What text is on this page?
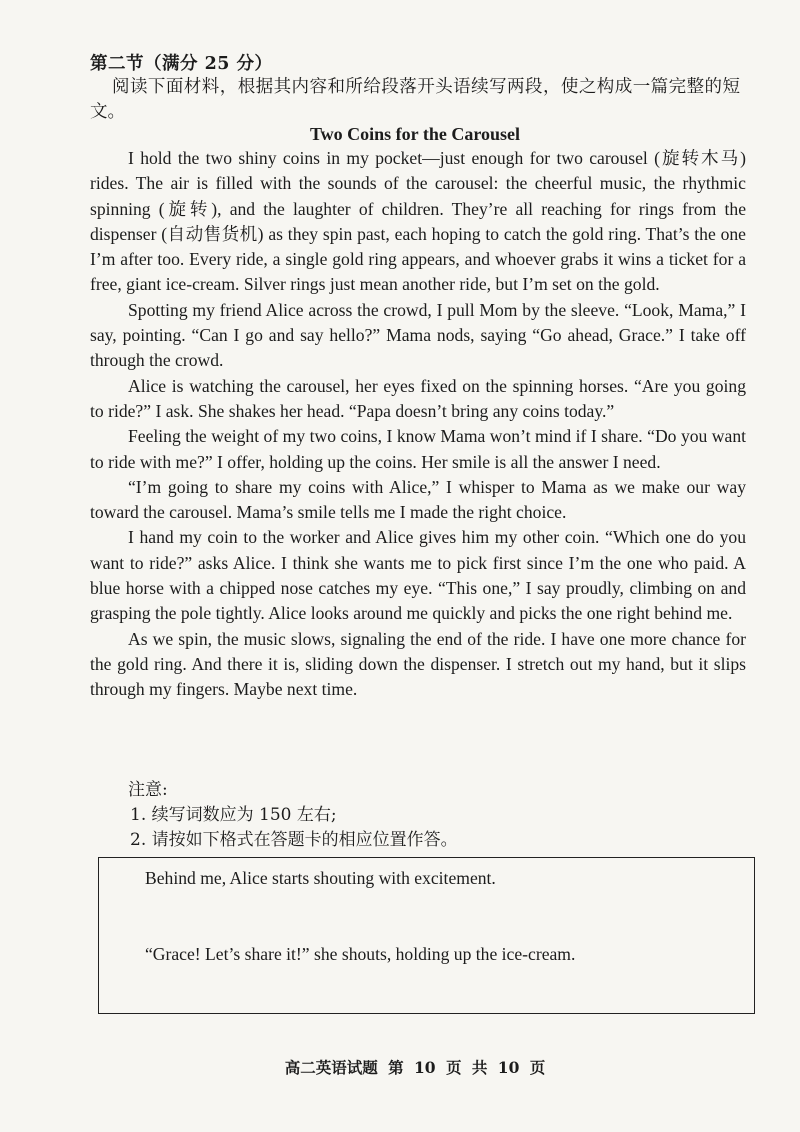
第二节（满分 25 分）
阅读下面材料，根据其内容和所给段落开头语续写两段，使之构成一篇完整的短文。
Two Coins for the Carousel

I hold the two shiny coins in my pocket—just enough for two carousel (旋转木马) rides. The air is filled with the sounds of the carousel: the cheerful music, the rhythmic spinning (旋转), and the laughter of children. They’re all reaching for rings from the dispenser (自动售货机) as they spin past, each hoping to catch the gold ring. That’s the one I’m after too. Every ride, a single gold ring appears, and whoever grabs it wins a ticket for a free, giant ice-cream. Silver rings just mean another ride, but I’m set on the gold.

Spotting my friend Alice across the crowd, I pull Mom by the sleeve. “Look, Mama,” I say, pointing. “Can I go and say hello?” Mama nods, saying “Go ahead, Grace.” I take off through the crowd.

Alice is watching the carousel, her eyes fixed on the spinning horses. “Are you going to ride?” I ask. She shakes her head. “Papa doesn’t bring any coins today.”

Feeling the weight of my two coins, I know Mama won’t mind if I share. “Do you want to ride with me?” I offer, holding up the coins. Her smile is all the answer I need.

“I’m going to share my coins with Alice,” I whisper to Mama as we make our way toward the carousel. Mama’s smile tells me I made the right choice.

I hand my coin to the worker and Alice gives him my other coin. “Which one do you want to ride?” asks Alice. I think she wants me to pick first since I’m the one who paid. A blue horse with a chipped nose catches my eye. “This one,” I say proudly, climbing on and grasping the pole tightly. Alice looks around me quickly and picks the one right behind me.

As we spin, the music slows, signaling the end of the ride. I have one more chance for the gold ring. And there it is, sliding down the dispenser. I stretch out my hand, but it slips through my fingers. Maybe next time.

注意:
1. 续写词数应为 150 左右;
2. 请按如下格式在答题卡的相应位置作答。
Behind me, Alice starts shouting with excitement.
“Grace! Let’s share it!” she shouts, holding up the ice-cream.
高二英语试题 第 10 页 共 10 页
